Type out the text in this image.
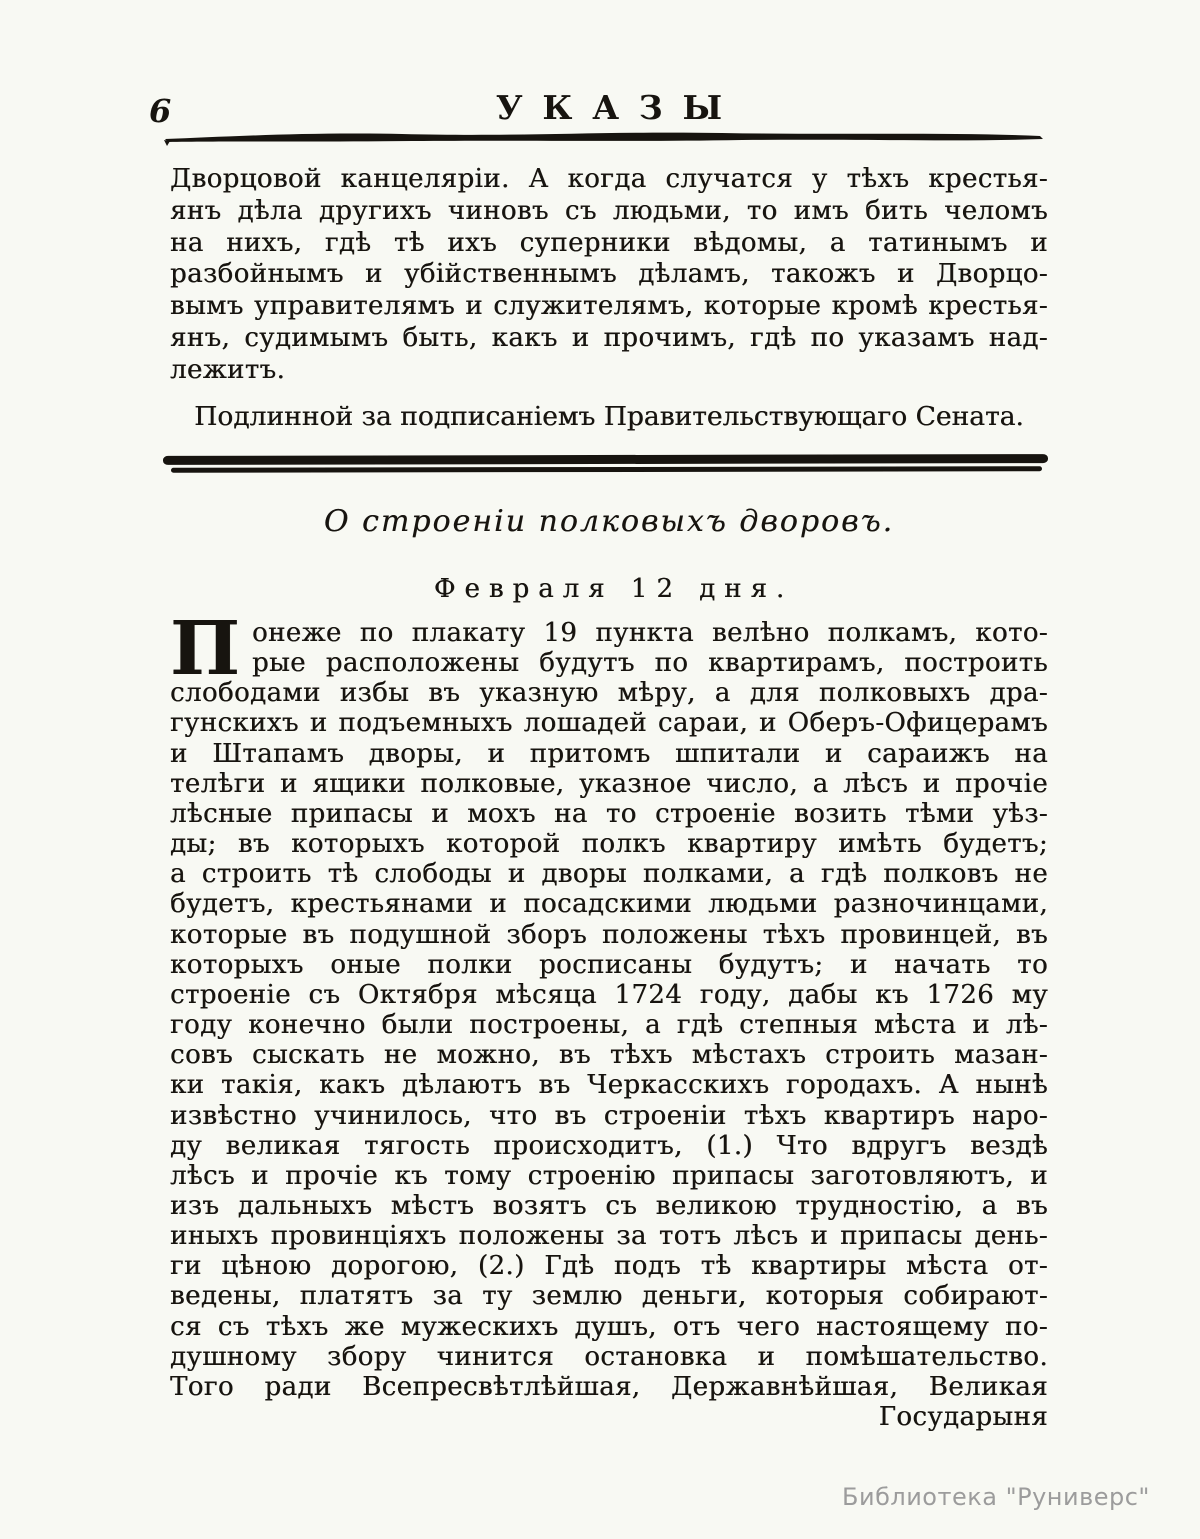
6	УКАЗЫ
Дворцовой канцеляріи. А когда случатся у тѣхъ крестья-
янъ дѣла другихъ чиновъ съ людьми, то имъ бить челомъ
на нихъ, гдѣ тѣ ихъ суперники вѣдомы, а татинымъ и
разбойнымъ и убійственнымъ дѣламъ, такожъ и Дворцо-
вымъ управителямъ и служителямъ, которые кромѣ крестья-
янъ, судимымъ быть, какъ и прочимъ, гдѣ по указамъ над-
лежитъ.

Подлинной за подписаніемъ Правительствующаго Сената.

О строеніи полковыхъ дворовъ.
Февраля 12 дня.
П онеже по плакату 19 пункта велѣно полкамъ, кото-
рые расположены будутъ по квартирамъ, построить
слободами избы въ указную мѣру, а для полковыхъ дра-
гунскихъ и подъемныхъ лошадей сараи, и Оберъ-Офицерамъ
и Штапамъ дворы, и притомъ шпитали и сараижъ на
телѣги и ящики полковые, указное число, а лѣсъ и прочіе
лѣсные припасы и мохъ на то строеніе возить тѣми уѣз-
ды; въ которыхъ которой полкъ квартиру имѣть будетъ;
а строить тѣ слободы и дворы полками, а гдѣ полковъ не
будетъ, крестьянами и посадскими людьми разночинцами,
которые въ подушной зборъ положены тѣхъ провинцей, въ
которыхъ оные полки росписаны будутъ; и начать то
строеніе съ Октября мѣсяца 1724 году, дабы къ 1726 му
году конечно были построены, а гдѣ степныя мѣста и лѣ-
совъ сыскать не можно, въ тѣхъ мѣстахъ строить мазан-
ки такія, какъ дѣлаютъ въ Черкасскихъ городахъ. А нынѣ
извѣстно учинилось, что въ строеніи тѣхъ квартиръ наро-
ду великая тягость происходитъ, (1.) Что вдругъ вездѣ
лѣсъ и прочіе къ тому строенію припасы заготовляютъ, и
изъ дальныхъ мѣстъ возятъ съ великою трудностію, а въ
иныхъ провинціяхъ положены за тотъ лѣсъ и припасы день-
ги цѣною дорогою, (2.) Гдѣ подъ тѣ квартиры мѣста от-
ведены, платятъ за ту землю деньги, которыя собирают-
ся съ тѣхъ же мужескихъ душъ, отъ чего настоящему по-
душному збору чинится остановка и помѣшательство.
Того ради Всепресвѣтлѣйшая, Державнѣйшая, Великая
Государыня
Библиотека "Руниверс"
